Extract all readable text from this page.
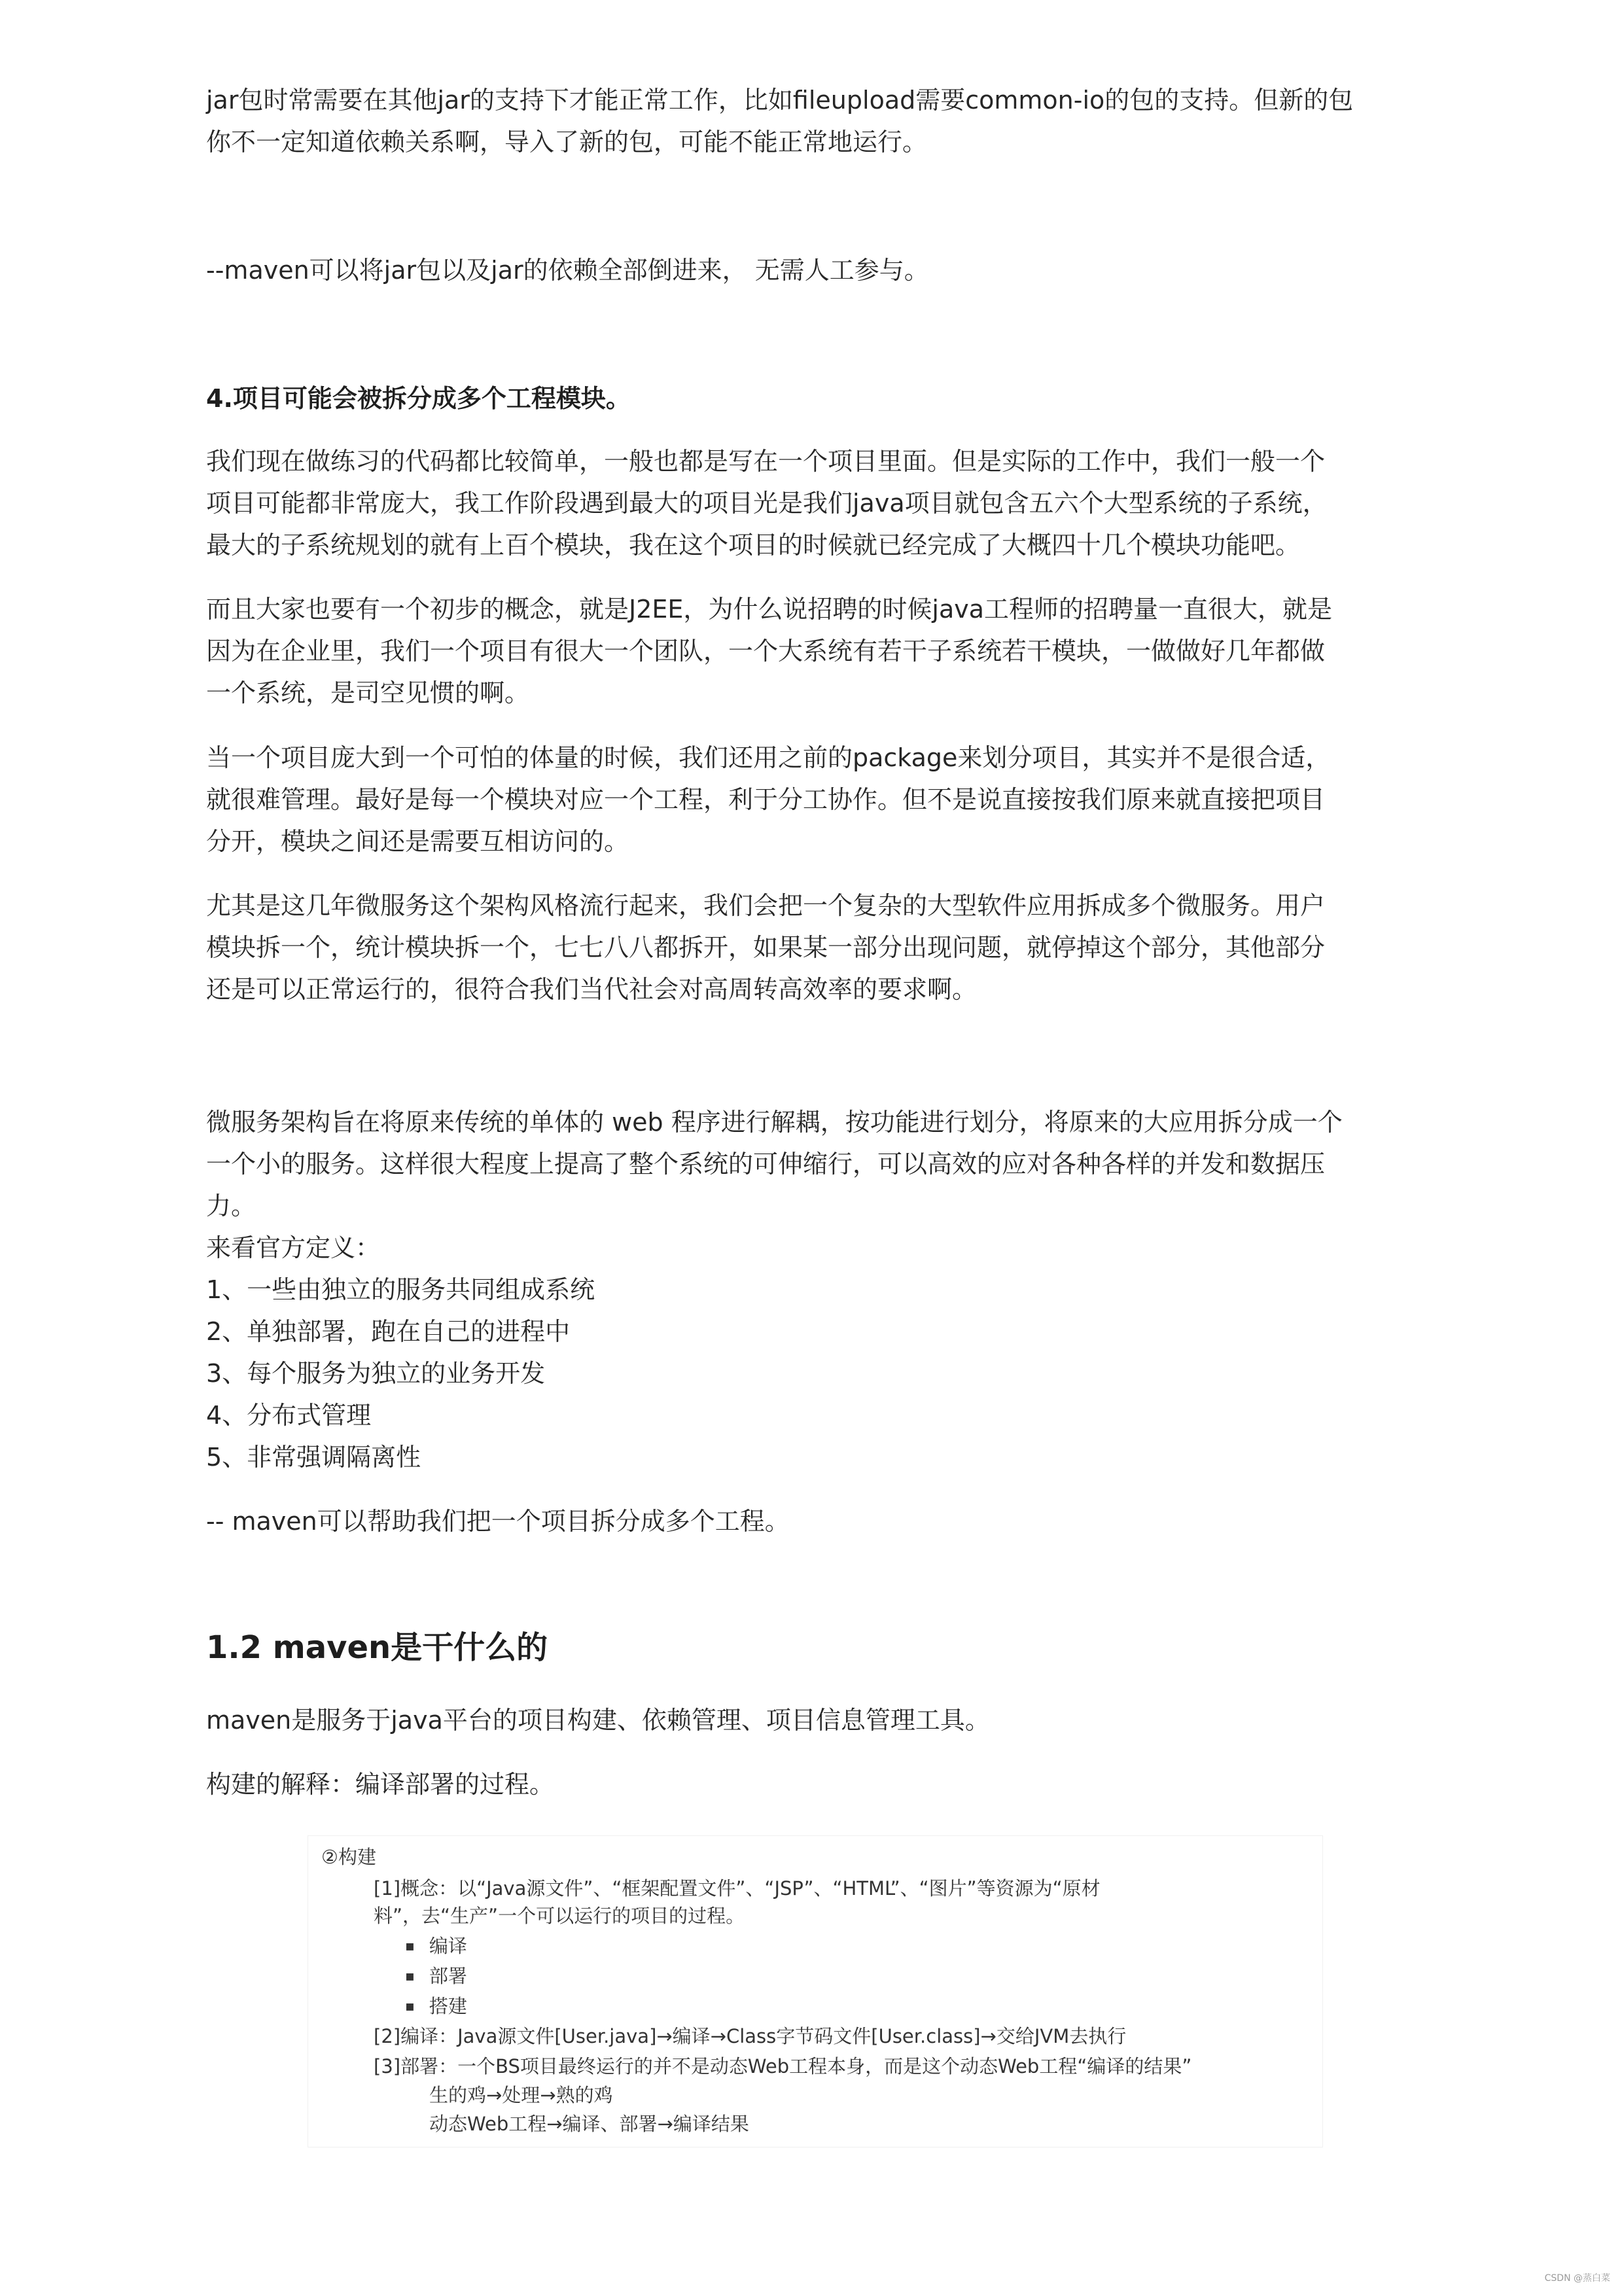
jar包时常需要在其他jar的支持下才能正常工作，比如fileupload需要common-io的包的支持。但新的包

你不一定知道依赖关系啊，导入了新的包，可能不能正常地运行。

--maven可以将jar包以及jar的依赖全部倒进来， 无需人工参与。

4.项目可能会被拆分成多个工程模块。

我们现在做练习的代码都比较简单，一般也都是写在一个项目里面。但是实际的工作中，我们一般一个

项目可能都非常庞大，我工作阶段遇到最大的项目光是我们java项目就包含五六个大型系统的子系统，

最大的子系统规划的就有上百个模块，我在这个项目的时候就已经完成了大概四十几个模块功能吧。

而且大家也要有一个初步的概念，就是J2EE，为什么说招聘的时候java工程师的招聘量一直很大，就是

因为在企业里，我们一个项目有很大一个团队，一个大系统有若干子系统若干模块，一做做好几年都做

一个系统，是司空见惯的啊。

当一个项目庞大到一个可怕的体量的时候，我们还用之前的package来划分项目，其实并不是很合适，

就很难管理。最好是每一个模块对应一个工程，利于分工协作。但不是说直接按我们原来就直接把项目

分开，模块之间还是需要互相访问的。

尤其是这几年微服务这个架构风格流行起来，我们会把一个复杂的大型软件应用拆成多个微服务。用户

模块拆一个，统计模块拆一个，七七八八都拆开，如果某一部分出现问题，就停掉这个部分，其他部分

还是可以正常运行的，很符合我们当代社会对高周转高效率的要求啊。

微服务架构旨在将原来传统的单体的 web 程序进行解耦，按功能进行划分，将原来的大应用拆分成一个

一个小的服务。这样很大程度上提高了整个系统的可伸缩行，可以高效的应对各种各样的并发和数据压

力。

来看官方定义：

1、一些由独立的服务共同组成系统

2、单独部署，跑在自己的进程中

3、每个服务为独立的业务开发

4、分布式管理

5、非常强调隔离性

-- maven可以帮助我们把一个项目拆分成多个工程。

1.2 maven是干什么的

maven是服务于java平台的项目构建、依赖管理、项目信息管理工具。

构建的解释：编译部署的过程。

②构建

[1]概念：以“Java源文件”、“框架配置文件”、“JSP”、“HTML”、“图片”等资源为“原材

料”，去“生产”一个可以运行的项目的过程。

▪ 编译

▪ 部署

▪ 搭建

[2]编译：Java源文件[User.java]→编译→Class字节码文件[User.class]→交给JVM去执行

[3]部署：一个BS项目最终运行的并不是动态Web工程本身，而是这个动态Web工程“编译的结果”

生的鸡→处理→熟的鸡

动态Web工程→编译、部署→编译结果

CSDN @蒸白菜
